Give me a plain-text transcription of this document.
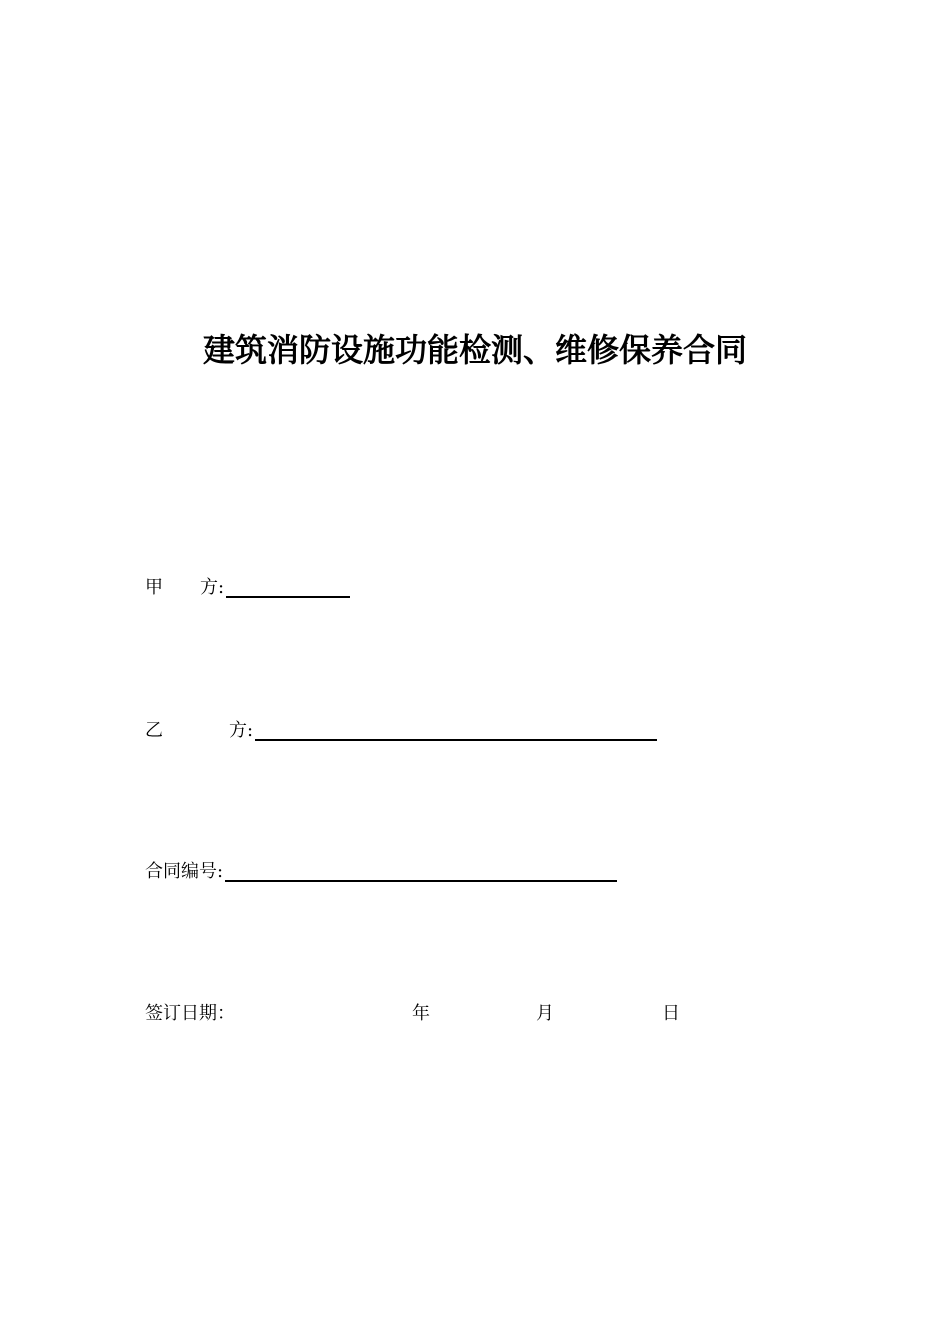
建筑消防设施功能检测、维修保养合同
甲 方 :
乙	方 :
合同编号 :
签订日期：	年	月	日
